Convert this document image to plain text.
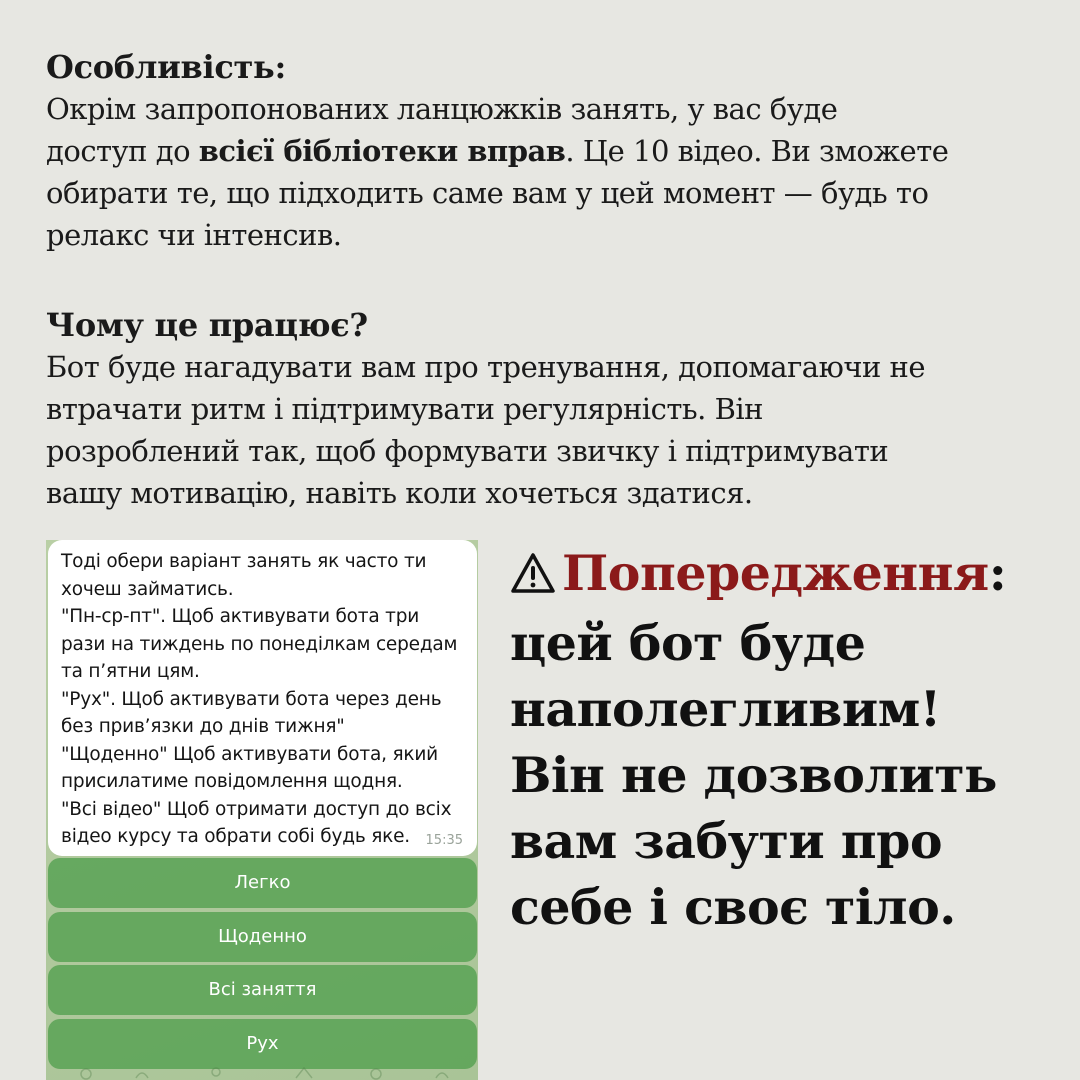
Особливість:

Окрім запропонованих ланцюжків занять, у вас буде
доступ до всієї бібліотеки вправ. Це 10 відео. Ви зможете
обирати те, що підходить саме вам у цей момент — будь то
релакс чи інтенсив.

Чому це працює?

Бот буде нагадувати вам про тренування, допомагаючи не
втрачати ритм і підтримувати регулярність. Він
розроблений так, щоб формувати звичку і підтримувати
вашу мотивацію, навіть коли хочеться здатися.

Тоді обери варіант занять як часто ти
хочеш займатись.
"Пн-ср-пт". Щоб активувати бота три
рази на тиждень по понеділкам середам
та п’ятни цям.
"Рух". Щоб активувати бота через день
без прив’язки до днів тижня"
"Щоденно" Щоб активувати бота, який
присилатиме повідомлення щодня.
"Всі відео" Щоб отримати доступ до всіх
відео курсу та обрати собі будь яке.	15:35
Легко
Щоденно
Всі заняття
Рух
Попередження:
цей бот буде
наполегливим!
Він не дозволить
вам забути про
себе і своє тіло.
